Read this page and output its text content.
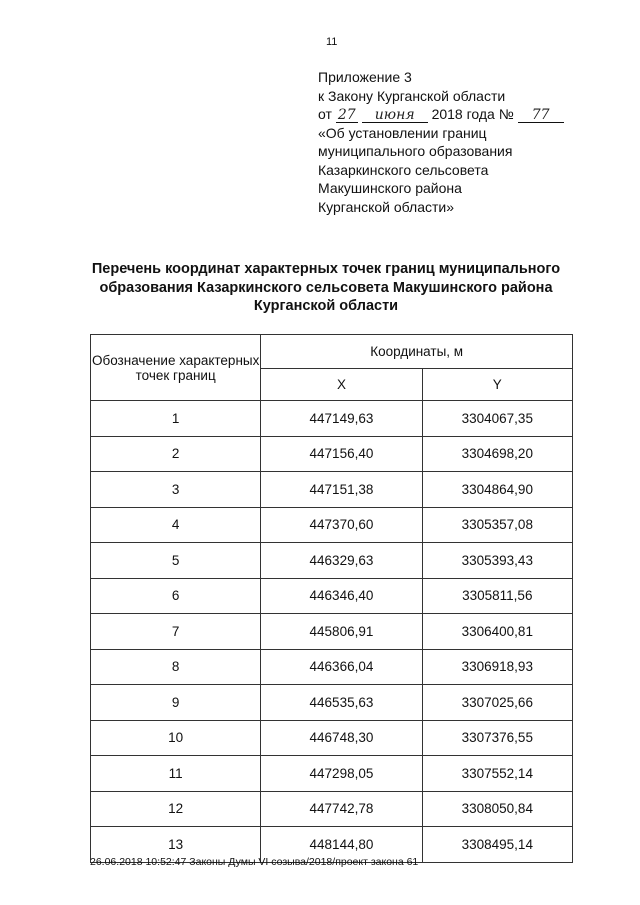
11
Приложение 3
к Закону Курганской области
от 27 июня 2018 года № 77
«Об установлении границ
муниципального образования
Казаркинского сельсовета
Макушинского района
Курганской области»
Перечень координат характерных точек границ муниципального образования Казаркинского сельсовета Макушинского района Курганской области
Обозначение характерных точек границ	Координаты, м	
	X	Y
1	447149,63	3304067,35
2	447156,40	3304698,20
3	447151,38	3304864,90
4	447370,60	3305357,08
5	446329,63	3305393,43
6	446346,40	3305811,56
7	445806,91	3306400,81
8	446366,04	3306918,93
9	446535,63	3307025,66
10	446748,30	3307376,55
11	447298,05	3307552,14
12	447742,78	3308050,84
13	448144,80	3308495,14
26.06.2018 10:52:47 Законы Думы VI созыва/2018/проект закона 61
